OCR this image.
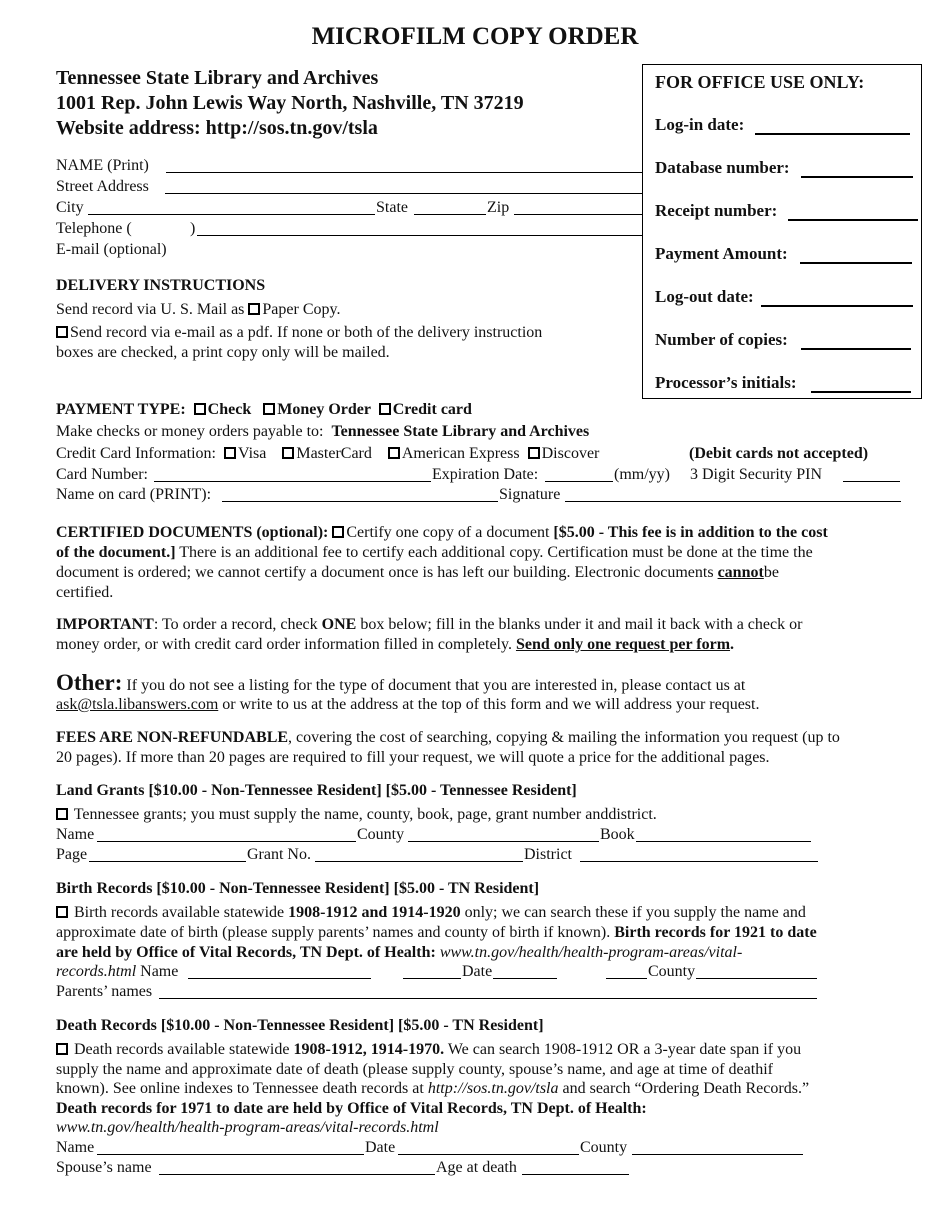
MICROFILM COPY ORDER
Tennessee State Library and Archives
1001 Rep. John Lewis Way North, Nashville, TN 37219
Website address: http://sos.tn.gov/tsla
FOR OFFICE USE ONLY:
Log-in date:
Database number:
Receipt number:
Payment Amount:
Log-out date:
Number of copies:
Processor’s initials:
NAME (Print)
Street Address
City	State	Zip
Telephone (	)
E-mail (optional)
DELIVERY INSTRUCTIONS
Send record via U. S. Mail as Paper Copy.
Send record via e-mail as a pdf. If none or both of the delivery instruction
boxes are checked, a print copy only will be mailed.
PAYMENT TYPE: Check Money Order Credit card
Make checks or money orders payable to: Tennessee State Library and Archives
Credit Card Information: Visa MasterCard American Express Discover	(Debit cards not accepted)
Card Number:	Expiration Date:	(mm/yy) 3 Digit Security PIN
Name on card (PRINT):	Signature
CERTIFIED DOCUMENTS (optional): Certify one copy of a document [$5.00 - This fee is in addition to the cost
of the document.] There is an additional fee to certify each additional copy. Certification must be done at the time the
document is ordered; we cannot certify a document once is has left our building. Electronic documents cannotbe
certified.
IMPORTANT: To order a record, check ONE box below; fill in the blanks under it and mail it back with a check or
money order, or with credit card order information filled in completely. Send only one request per form.
Other: If you do not see a listing for the type of document that you are interested in, please contact us at
ask@tsla.libanswers.com or write to us at the address at the top of this form and we will address your request.
FEES ARE NON-REFUNDABLE, covering the cost of searching, copying & mailing the information you request (up to
20 pages). If more than 20 pages are required to fill your request, we will quote a price for the additional pages.
Land Grants [$10.00 - Non-Tennessee Resident] [$5.00 - Tennessee Resident]
Tennessee grants; you must supply the name, county, book, page, grant number anddistrict.
Name	County	Book
Page	Grant No.	District
Birth Records [$10.00 - Non-Tennessee Resident] [$5.00 - TN Resident]
Birth records available statewide 1908-1912 and 1914-1920 only; we can search these if you supply the name and
approximate date of birth (please supply parents’ names and county of birth if known). Birth records for 1921 to date
are held by Office of Vital Records, TN Dept. of Health: www.tn.gov/health/health-program-areas/vital-
records.html Name	Date	County
Parents’ names
Death Records [$10.00 - Non-Tennessee Resident] [$5.00 - TN Resident]
Death records available statewide 1908-1912, 1914-1970. We can search 1908-1912 OR a 3-year date span if you
supply the name and approximate date of death (please supply county, spouse’s name, and age at time of deathif
known). See online indexes to Tennessee death records at http://sos.tn.gov/tsla and search “Ordering Death Records.”
Death records for 1971 to date are held by Office of Vital Records, TN Dept. of Health:
www.tn.gov/health/health-program-areas/vital-records.html
Name	Date	County
Spouse’s name	Age at death
